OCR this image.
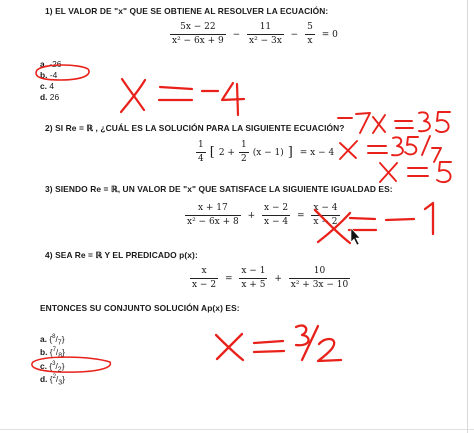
1) EL VALOR DE "x" QUE SE OBTIENE AL RESOLVER LA ECUACIÓN:
$\frac{5x - 22}{\text{x² − 6x + 9}} - \frac{11}{\text{x² − 3x}} - \frac{5}{x} = 0$
a. -26
b. -4
c. 4
d. 26
2) SI Re = ℝ , ¿CUÁL ES LA SOLUCIÓN PARA LA SIGUIENTE ECUACIÓN?
$\frac{1}{4}$ [ $2 + \frac{1}{2} (x - 1)$ ] = x − 4
3) SIENDO Re = ℝ, UN VALOR DE "x" QUE SATISFACE LA SIGUIENTE IGUALDAD ES:
$\frac{x + 17}{\text{x² − 6x + 8}} + \frac{x - 2}{x - 4} = \frac{x - 4}{x - 2}$
4) SEA Re = ℝ Y EL PREDICADO p(x):
$\frac{x}{x - 2} = \frac{x - 1}{x + 5} + \frac{10}{\text{x² + 3x − 10}}$
ENTONCES SU CONJUNTO SOLUCIÓN Ap(x) ES:
a. $\{^8/_7\}$
b. $\{^7/_8\}$
c. $\{^3/_2\}$
d. $\{^2/_3\}$
